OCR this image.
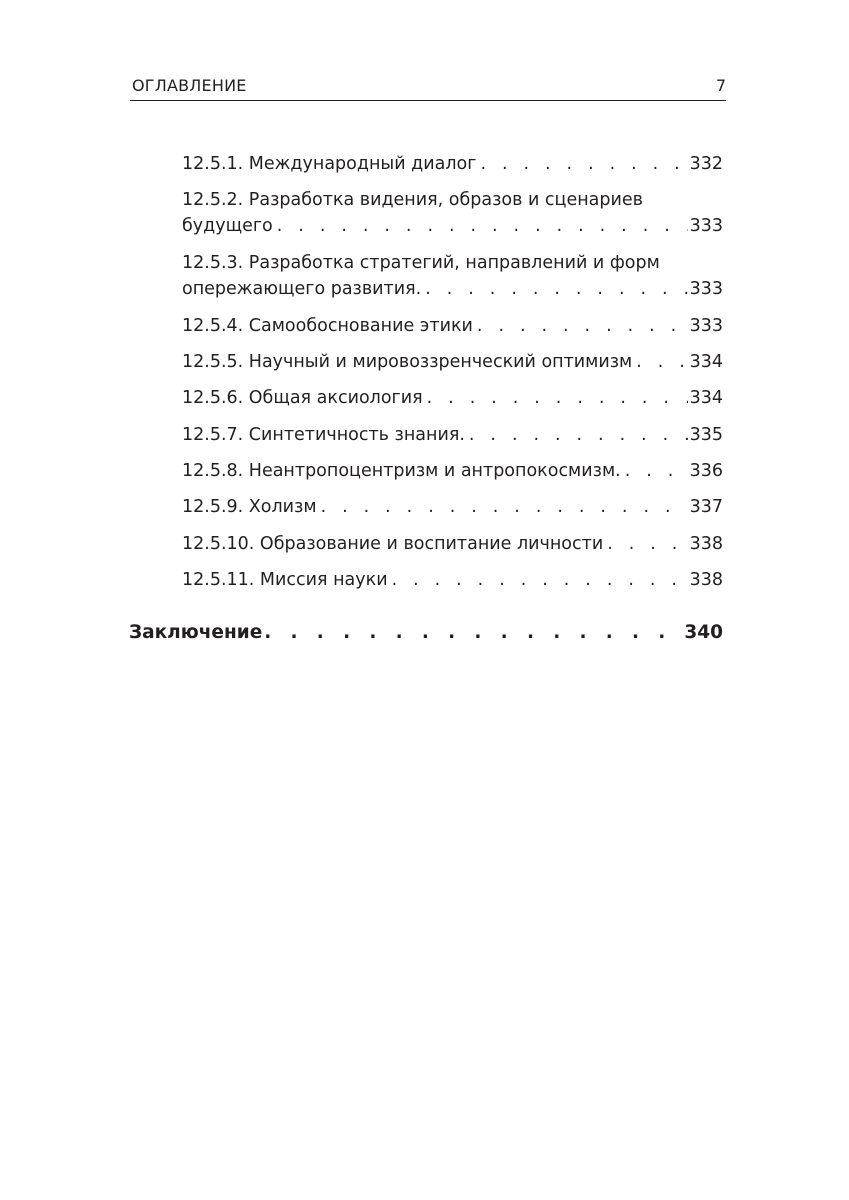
ОГЛАВЛЕНИЕ	7
12.5.1. Международный диалог . . .	332
12.5.2. Разработка видения, образов и сценариев
будущего . . .	333
12.5.3. Разработка стратегий, направлений и форм
опережающего развития. . . .	333
12.5.4. Самообоснование этики . . .	333
12.5.5. Научный и мировоззренческий оптимизм . . .	334
12.5.6. Общая аксиология . . .	334
12.5.7. Синтетичность знания. . . .	335
12.5.8. Неантропоцентризм и антропокосмизм. . . .	336
12.5.9. Холизм . . .	337
12.5.10. Образование и воспитание личности . . .	338
12.5.11. Миссия науки . . .	338
Заключение . . .	340
